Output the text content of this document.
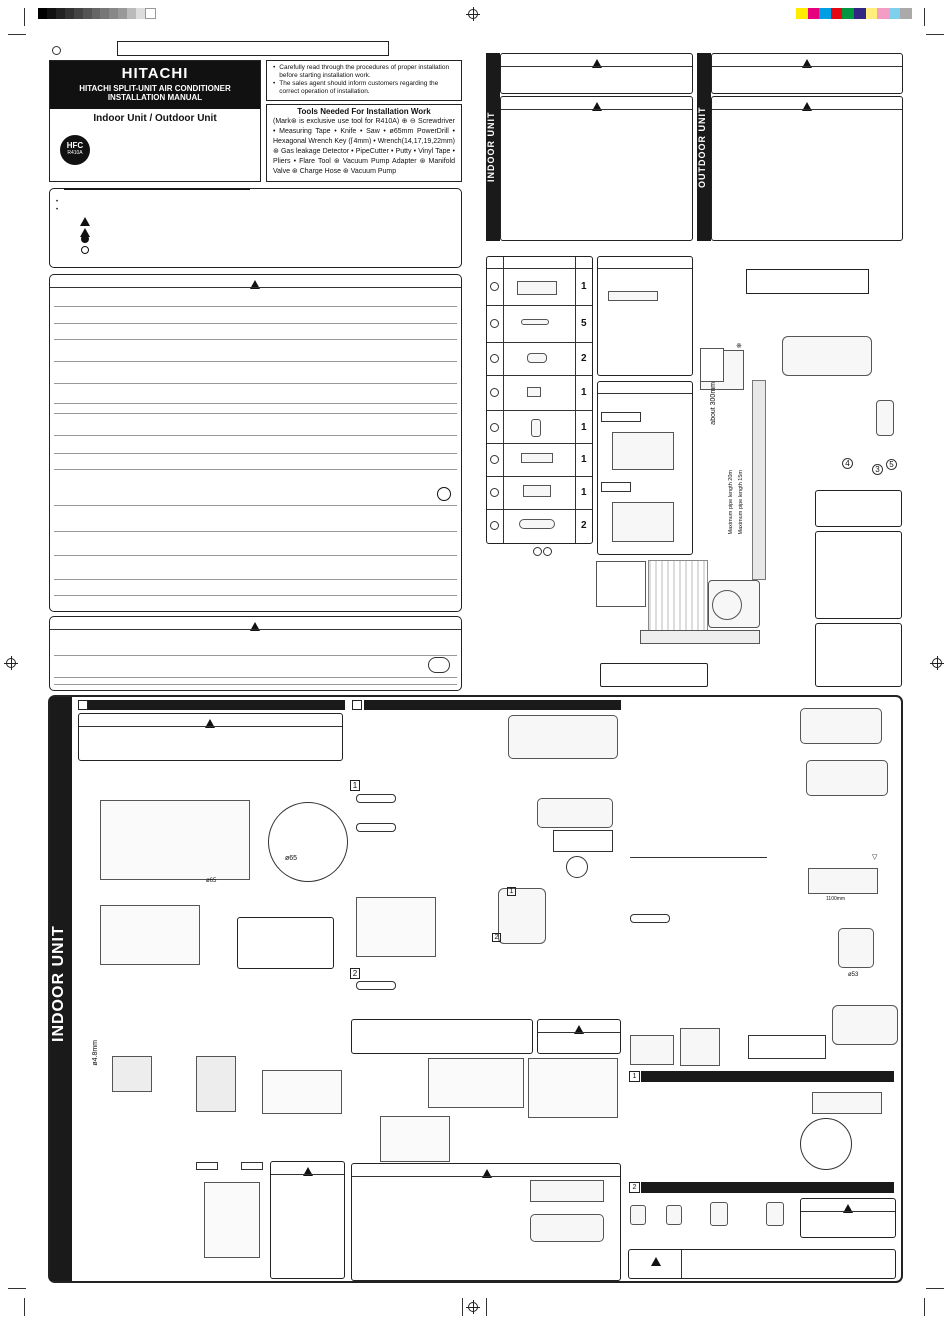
HITACHI
HITACHI SPLIT-UNIT AIR CONDITIONER
INSTALLATION MANUAL
Indoor Unit / Outdoor Unit
HFC
R410A
• Carefully read through the procedures of proper installation before starting installation work.
• The sales agent should inform customers regarding the correct operation of installation.
Tools Needed For Installation Work
(Mark⊛ is exclusive use tool for R410A) ⊕ ⊖ Screwdriver • Measuring Tape • Knife • Saw • ø65mm PowerDrill • Hexagonal Wrench Key (⌈4mm) • Wrench(14,17,19,22mm) ⊛ Gas leakage Detector • PipeCutter • Putty • Vinyl Tape • Pliers • Flare Tool ⊛ Vacuum Pump Adapter ⊛ Manifold Valve ⊛ Charge Hose ⊛ Vacuum Pump
•
•
INDOOR UNIT	OUTDOOR UNIT
1
5
2
1
1
1
1
2
※
about 300mm
Maximum pipe length 20m Maximum pipe length 15m
4
3
5
INDOOR UNIT
ø65
ø65
ø4.8mm
1
1
2
2
▽
1100mm
ø53
1
2
